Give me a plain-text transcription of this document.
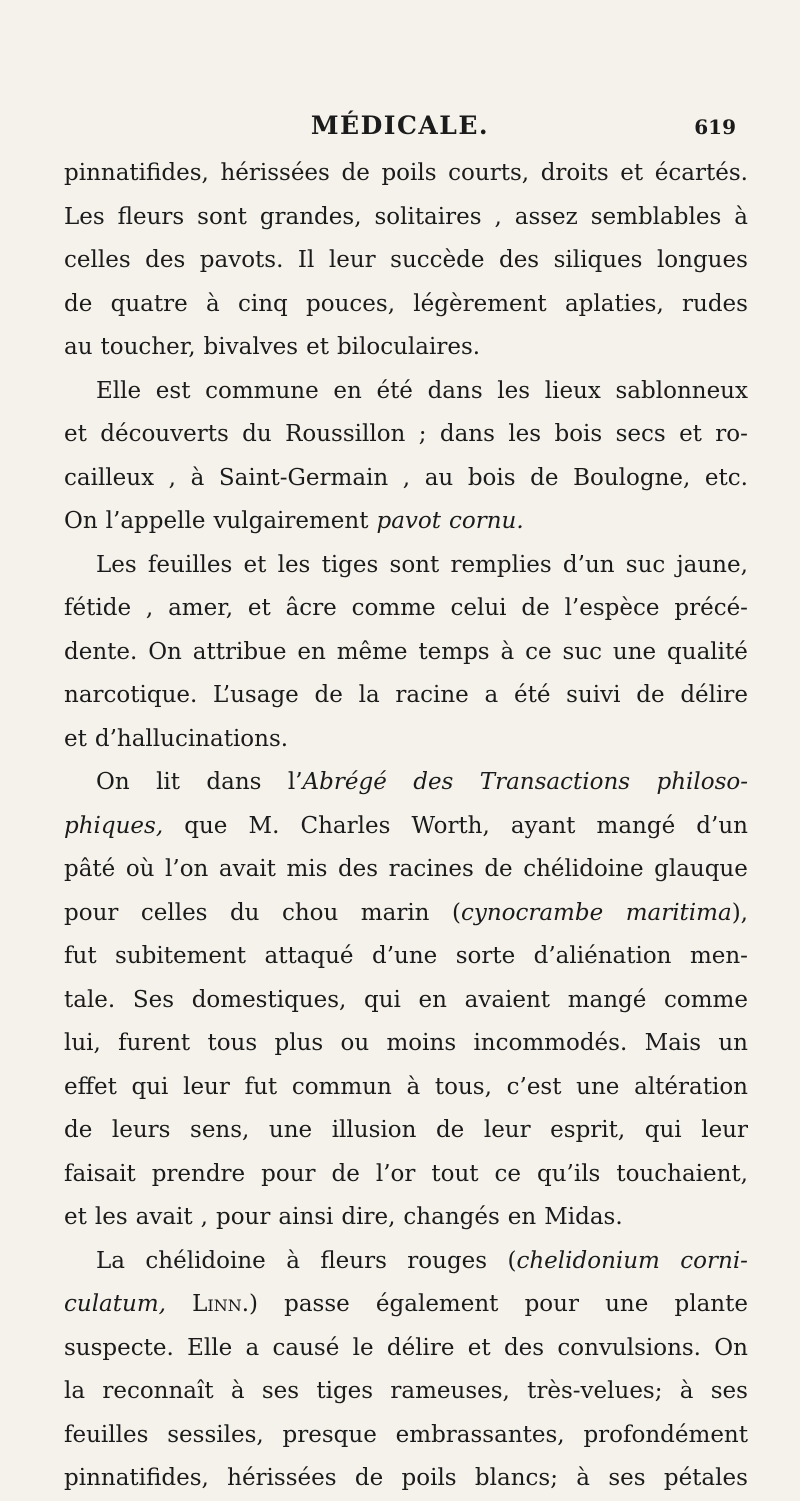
MÉDICALE.	619
pinnatifides, hérissées de poils courts, droits et écartés.
Les fleurs sont grandes, solitaires , assez semblables à
celles des pavots. Il leur succède des siliques longues
de quatre à cinq pouces, légèrement aplaties, rudes
au toucher, bivalves et biloculaires.
Elle est commune en été dans les lieux sablonneux
et découverts du Roussillon ; dans les bois secs et ro-
cailleux , à Saint-Germain , au bois de Boulogne, etc.
On l’appelle vulgairement pavot cornu.
Les feuilles et les tiges sont remplies d’un suc jaune,
fétide , amer, et âcre comme celui de l’espèce précé-
dente. On attribue en même temps à ce suc une qualité
narcotique. L’usage de la racine a été suivi de délire
et d’hallucinations.
On lit dans l’Abrégé des Transactions philoso-
phiques, que M. Charles Worth, ayant mangé d’un
pâté où l’on avait mis des racines de chélidoine glauque
pour celles du chou marin (cynocrambe maritima),
fut subitement attaqué d’une sorte d’aliénation men-
tale. Ses domestiques, qui en avaient mangé comme
lui, furent tous plus ou moins incommodés. Mais un
effet qui leur fut commun à tous, c’est une altération
de leurs sens, une illusion de leur esprit, qui leur
faisait prendre pour de l’or tout ce qu’ils touchaient,
et les avait , pour ainsi dire, changés en Midas.
La chélidoine à fleurs rouges (chelidonium corni-
culatum, Linn.) passe également pour une plante
suspecte. Elle a causé le délire et des convulsions. On
la reconnaît à ses tiges rameuses, très-velues; à ses
feuilles sessiles, presque embrassantes, profondément
pinnatifides, hérissées de poils blancs; à ses pétales
